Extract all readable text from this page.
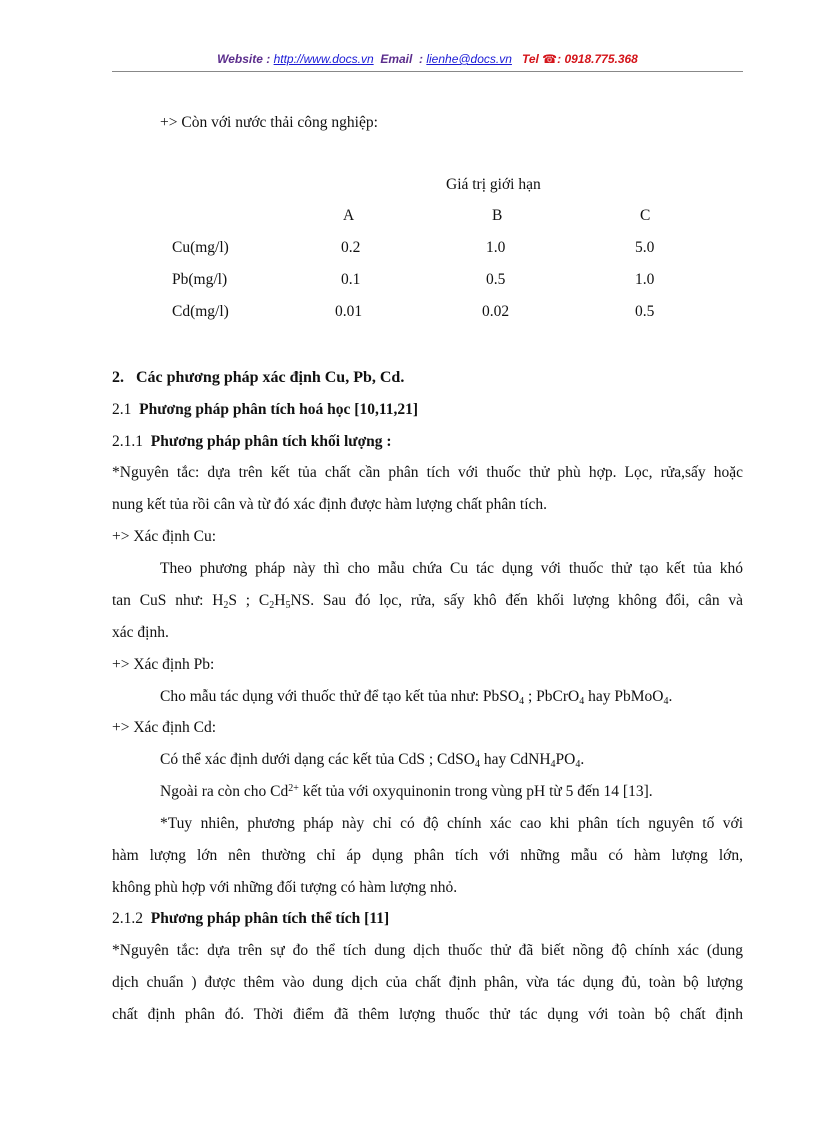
Website : http://www.docs.vn Email : lienhe@docs.vn Tel ☎: 0918.775.368
+> Còn với nước thải công nghiệp:
Giá trị giới hạn
A	B	C
Cu(mg/l)	0.2	1.0	5.0
Pb(mg/l)	0.1	0.5	1.0
Cd(mg/l)	0.01	0.02	0.5
2. Các phương pháp xác định Cu, Pb, Cd.
2.1 Phương pháp phân tích hoá học [10,11,21]
2.1.1 Phương pháp phân tích khối lượng :
*Nguyên tắc: dựa trên kết tủa chất cần phân tích với thuốc thử phù hợp. Lọc, rửa,sấy hoặc
nung kết tủa rồi cân và từ đó xác định được hàm lượng chất phân tích.
+> Xác định Cu:
Theo phương pháp này thì cho mẫu chứa Cu tác dụng với thuốc thử tạo kết tủa khó
tan CuS như: $H_2S$ ; $C_2H_5NS$. Sau đó lọc, rửa, sấy khô đến khối lượng không đổi, cân và
xác định.
+> Xác định Pb:
Cho mẫu tác dụng với thuốc thử để tạo kết tủa như: PbSO$_4$ ; PbCrO$_4$ hay PbMoO$_4$.
+> Xác định Cd:
Có thể xác định dưới dạng các kết tủa CdS ; CdSO$_4$ hay $CdNH_4PO_4$.
Ngoài ra còn cho $Cd^{2+}$ kết tủa với oxyquinonin trong vùng pH từ 5 đến 14 [13].
*Tuy nhiên, phương pháp này chỉ có độ chính xác cao khi phân tích nguyên tố với
hàm lượng lớn nên thường chỉ áp dụng phân tích với những mẫu có hàm lượng lớn,
không phù hợp với những đối tượng có hàm lượng nhỏ.
2.1.2 Phương pháp phân tích thể tích [11]
*Nguyên tắc: dựa trên sự đo thể tích dung dịch thuốc thử đã biết nồng độ chính xác (dung
dịch chuẩn ) được thêm vào dung dịch của chất định phân, vừa tác dụng đủ, toàn bộ lượng
chất định phân đó. Thời điểm đã thêm lượng thuốc thử tác dụng với toàn bộ chất định
